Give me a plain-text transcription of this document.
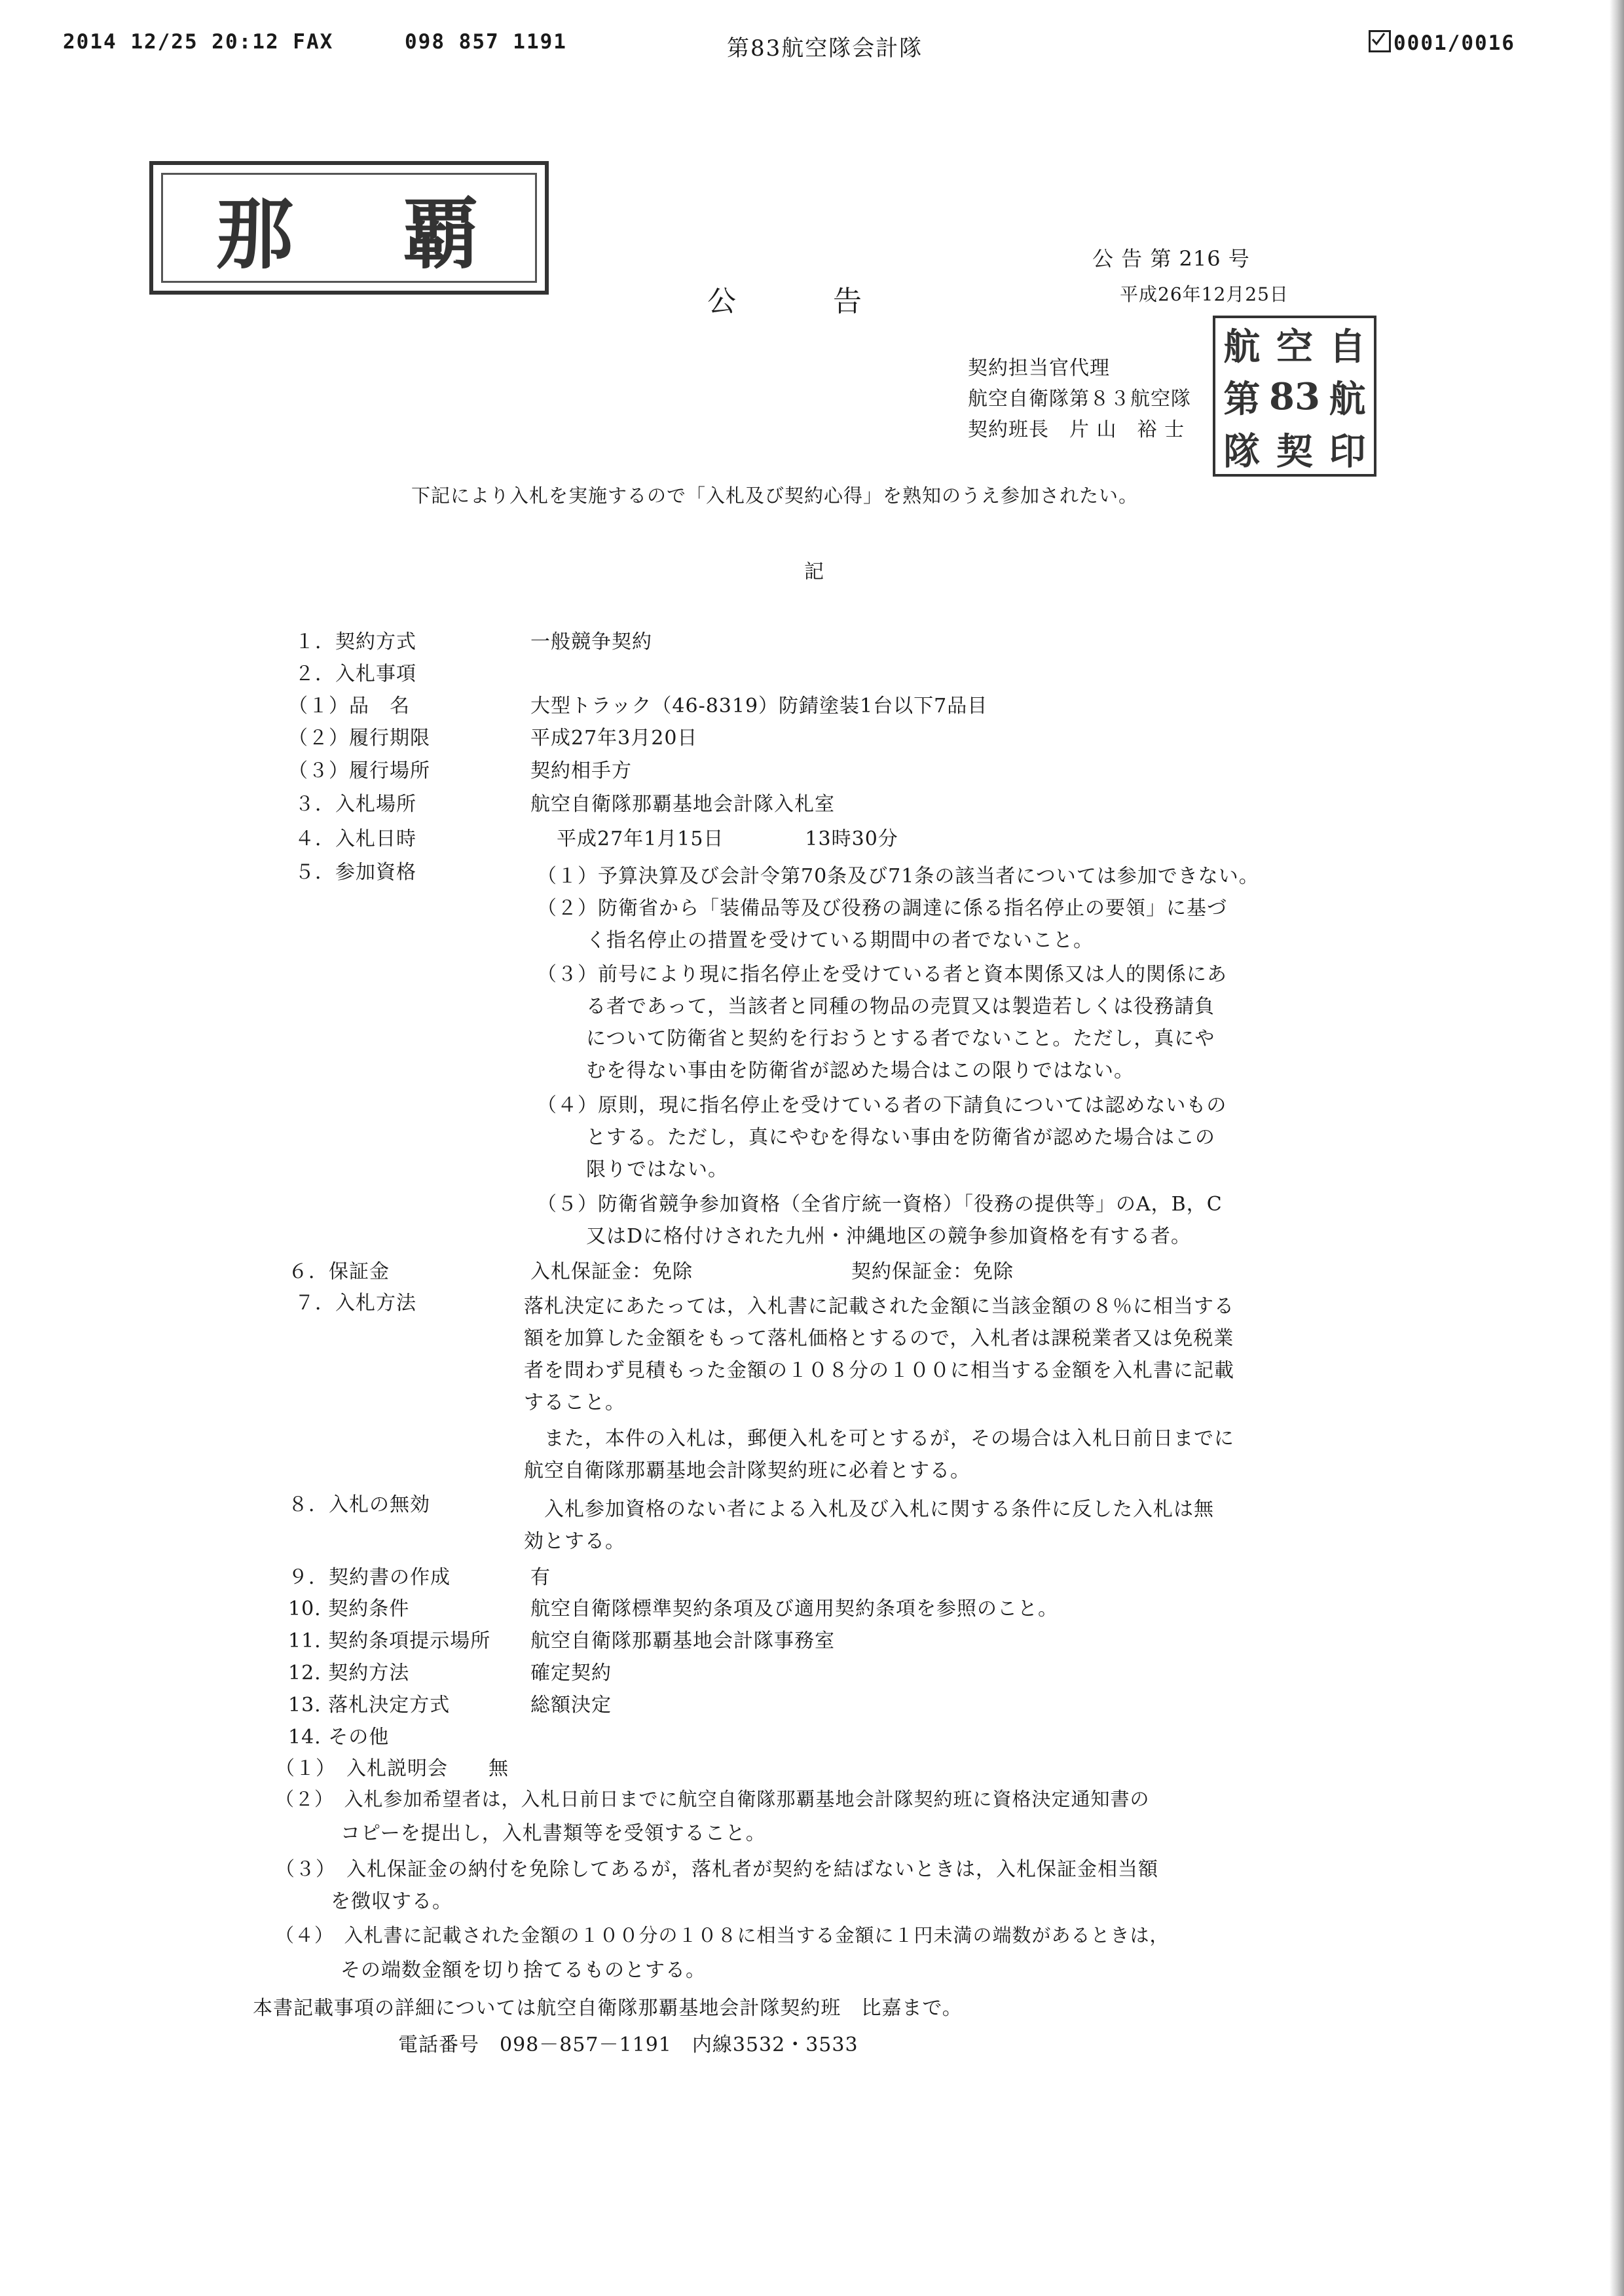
2014 12/25 20:12 FAX	098 857 1191	第83航空隊会計隊	0001/0016
那 覇	公 告 第 216 号
平成26年12月25日
公　　告
契約担当官代理
航空自衛隊第８３航空隊
契約班長　片 山　裕 士
航 空 自
第 83 航
隊 契 印
下記により入札を実施するので「入札及び契約心得」を熟知のうえ参加されたい。
記
１．契約方式	一般競争契約
２．入札事項
（１）品　名	大型トラック（46-8319）防錆塗装1台以下7品目
（２）履行期限	平成27年3月20日
（３）履行場所	契約相手方
３．入札場所	航空自衛隊那覇基地会計隊入札室
４．入札日時	平成27年1月15日　　　　13時30分
５．参加資格	（１）予算決算及び会計令第70条及び71条の該当者については参加できない。
（２）防衛省から「装備品等及び役務の調達に係る指名停止の要領」に基づ
く指名停止の措置を受けている期間中の者でないこと。
（３）前号により現に指名停止を受けている者と資本関係又は人的関係にあ
る者であって，当該者と同種の物品の売買又は製造若しくは役務請負
について防衛省と契約を行おうとする者でないこと。ただし，真にや
むを得ない事由を防衛省が認めた場合はこの限りではない。
（４）原則，現に指名停止を受けている者の下請負については認めないもの
とする。ただし，真にやむを得ない事由を防衛省が認めた場合はこの
限りではない。
（５）防衛省競争参加資格（全省庁統一資格）「役務の提供等」のA，B，C
又はDに格付けされた九州・沖縄地区の競争参加資格を有する者。
６．保証金	入札保証金：免除	契約保証金：免除
７．入札方法	落札決定にあたっては，入札書に記載された金額に当該金額の８％に相当する
額を加算した金額をもって落札価格とするので，入札者は課税業者又は免税業
者を問わず見積もった金額の１０８分の１００に相当する金額を入札書に記載
すること。
　また，本件の入札は，郵便入札を可とするが，その場合は入札日前日までに
航空自衛隊那覇基地会計隊契約班に必着とする。
８．入札の無効	　入札参加資格のない者による入札及び入札に関する条件に反した入札は無
効とする。
９．契約書の作成	有
10. 契約条件	航空自衛隊標準契約条項及び適用契約条項を参照のこと。
11. 契約条項提示場所 航空自衛隊那覇基地会計隊事務室
12. 契約方法	確定契約
13. 落札決定方式	総額決定
14. その他
（１）　入札説明会　　無
（２）　入札参加希望者は，入札日前日までに航空自衛隊那覇基地会計隊契約班に資格決定通知書の
コピーを提出し，入札書類等を受領すること。
（３）　入札保証金の納付を免除してあるが，落札者が契約を結ばないときは，入札保証金相当額
を徴収する。
（４）　入札書に記載された金額の１００分の１０８に相当する金額に１円未満の端数があるときは，
その端数金額を切り捨てるものとする。
本書記載事項の詳細については航空自衛隊那覇基地会計隊契約班　比嘉まで。
電話番号　098－857－1191　内線3532・3533
